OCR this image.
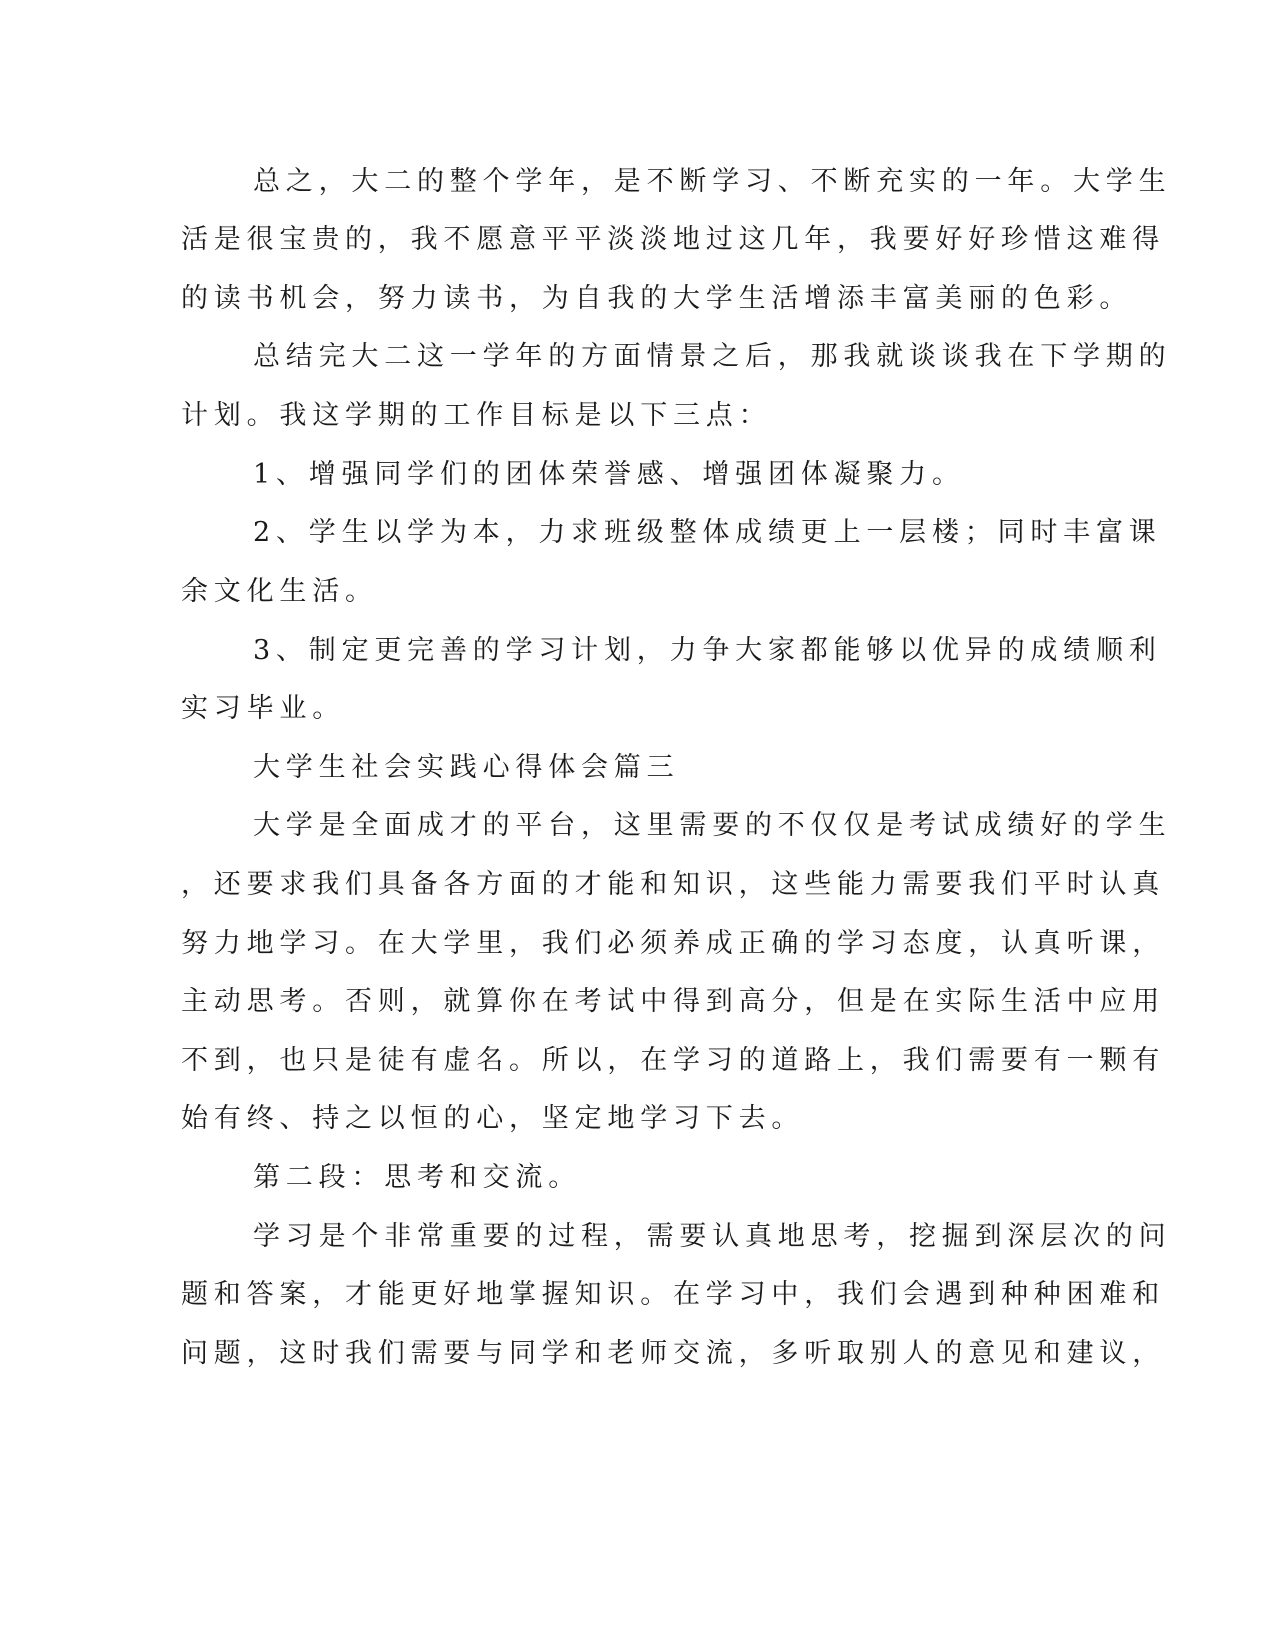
总之，大二的整个学年，是不断学习、不断充实的一年。大学生
活是很宝贵的，我不愿意平平淡淡地过这几年，我要好好珍惜这难得
的读书机会，努力读书，为自我的大学生活增添丰富美丽的色彩。
总结完大二这一学年的方面情景之后，那我就谈谈我在下学期的
计划。我这学期的工作目标是以下三点：
1、增强同学们的团体荣誉感、增强团体凝聚力。
2、学生以学为本，力求班级整体成绩更上一层楼；同时丰富课
余文化生活。
3、制定更完善的学习计划，力争大家都能够以优异的成绩顺利
实习毕业。
大学生社会实践心得体会篇三
大学是全面成才的平台，这里需要的不仅仅是考试成绩好的学生
，还要求我们具备各方面的才能和知识，这些能力需要我们平时认真
努力地学习。在大学里，我们必须养成正确的学习态度，认真听课，
主动思考。否则，就算你在考试中得到高分，但是在实际生活中应用
不到，也只是徒有虚名。所以，在学习的道路上，我们需要有一颗有
始有终、持之以恒的心，坚定地学习下去。
第二段：思考和交流。
学习是个非常重要的过程，需要认真地思考，挖掘到深层次的问
题和答案，才能更好地掌握知识。在学习中，我们会遇到种种困难和
问题，这时我们需要与同学和老师交流，多听取别人的意见和建议，
